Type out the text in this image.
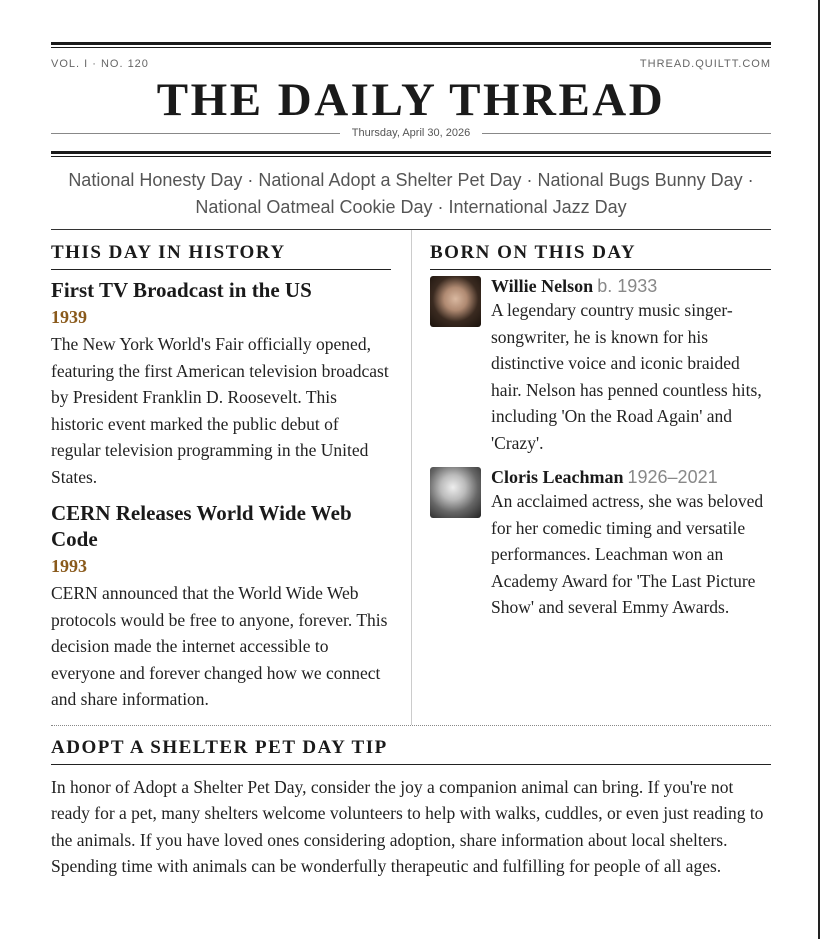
VOL. I · NO. 120	THREAD.QUILTT.COM
THE DAILY THREAD
Thursday, April 30, 2026
National Honesty Day · National Adopt a Shelter Pet Day · National Bugs Bunny Day · National Oatmeal Cookie Day · International Jazz Day
THIS DAY IN HISTORY
First TV Broadcast in the US
1939

The New York World's Fair officially opened, featuring the first American television broadcast by President Franklin D. Roosevelt. This historic event marked the public debut of regular television programming in the United States.

CERN Releases World Wide Web Code
1993

CERN announced that the World Wide Web protocols would be free to anyone, forever. This decision made the internet accessible to everyone and forever changed how we connect and share information.

BORN ON THIS DAY
Willie Nelson b. 1933

A legendary country music singer-songwriter, he is known for his distinctive voice and iconic braided hair. Nelson has penned countless hits, including 'On the Road Again' and 'Crazy'.

Cloris Leachman 1926–2021

An acclaimed actress, she was beloved for her comedic timing and versatile performances. Leachman won an Academy Award for 'The Last Picture Show' and several Emmy Awards.

ADOPT A SHELTER PET DAY TIP

In honor of Adopt a Shelter Pet Day, consider the joy a companion animal can bring. If you're not ready for a pet, many shelters welcome volunteers to help with walks, cuddles, or even just reading to the animals. If you have loved ones considering adoption, share information about local shelters. Spending time with animals can be wonderfully therapeutic and fulfilling for people of all ages.
